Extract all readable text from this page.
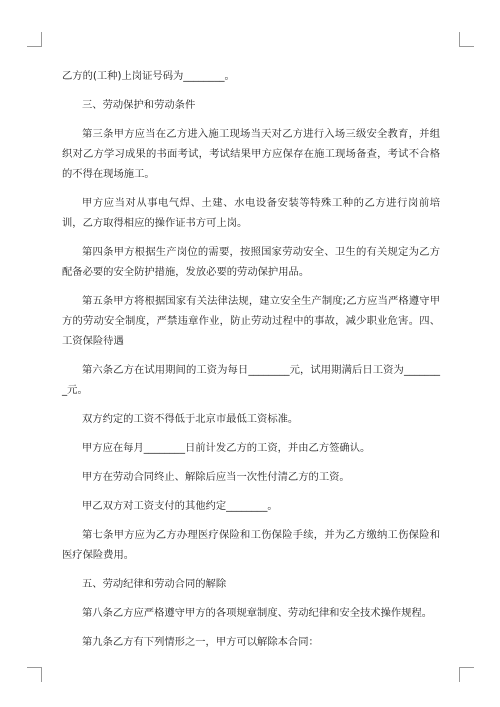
乙方的(工种)上岗证号码为________。

三、劳动保护和劳动条件

第三条甲方应当在乙方进入施工现场当天对乙方进行入场三级安全教育，并组织对乙方学习成果的书面考试，考试结果甲方应保存在施工现场备查，考试不合格的不得在现场施工。

甲方应当对从事电气焊、土建、水电设备安装等特殊工种的乙方进行岗前培训，乙方取得相应的操作证书方可上岗。

第四条甲方根据生产岗位的需要，按照国家劳动安全、卫生的有关规定为乙方配备必要的安全防护措施，发放必要的劳动保护用品。

第五条甲方将根据国家有关法律法规，建立安全生产制度;乙方应当严格遵守甲方的劳动安全制度，严禁违章作业，防止劳动过程中的事故，减少职业危害。四、工资保险待遇

第六条乙方在试用期间的工资为每日________元，试用期满后日工资为________元。

双方约定的工资不得低于北京市最低工资标准。

甲方应在每月________日前计发乙方的工资，并由乙方签确认。

甲方在劳动合同终止、解除后应当一次性付清乙方的工资。

甲乙双方对工资支付的其他约定________。

第七条甲方应为乙方办理医疗保险和工伤保险手续，并为乙方缴纳工伤保险和医疗保险费用。

五、劳动纪律和劳动合同的解除

第八条乙方应严格遵守甲方的各项规章制度、劳动纪律和安全技术操作规程。

第九条乙方有下列情形之一，甲方可以解除本合同：
